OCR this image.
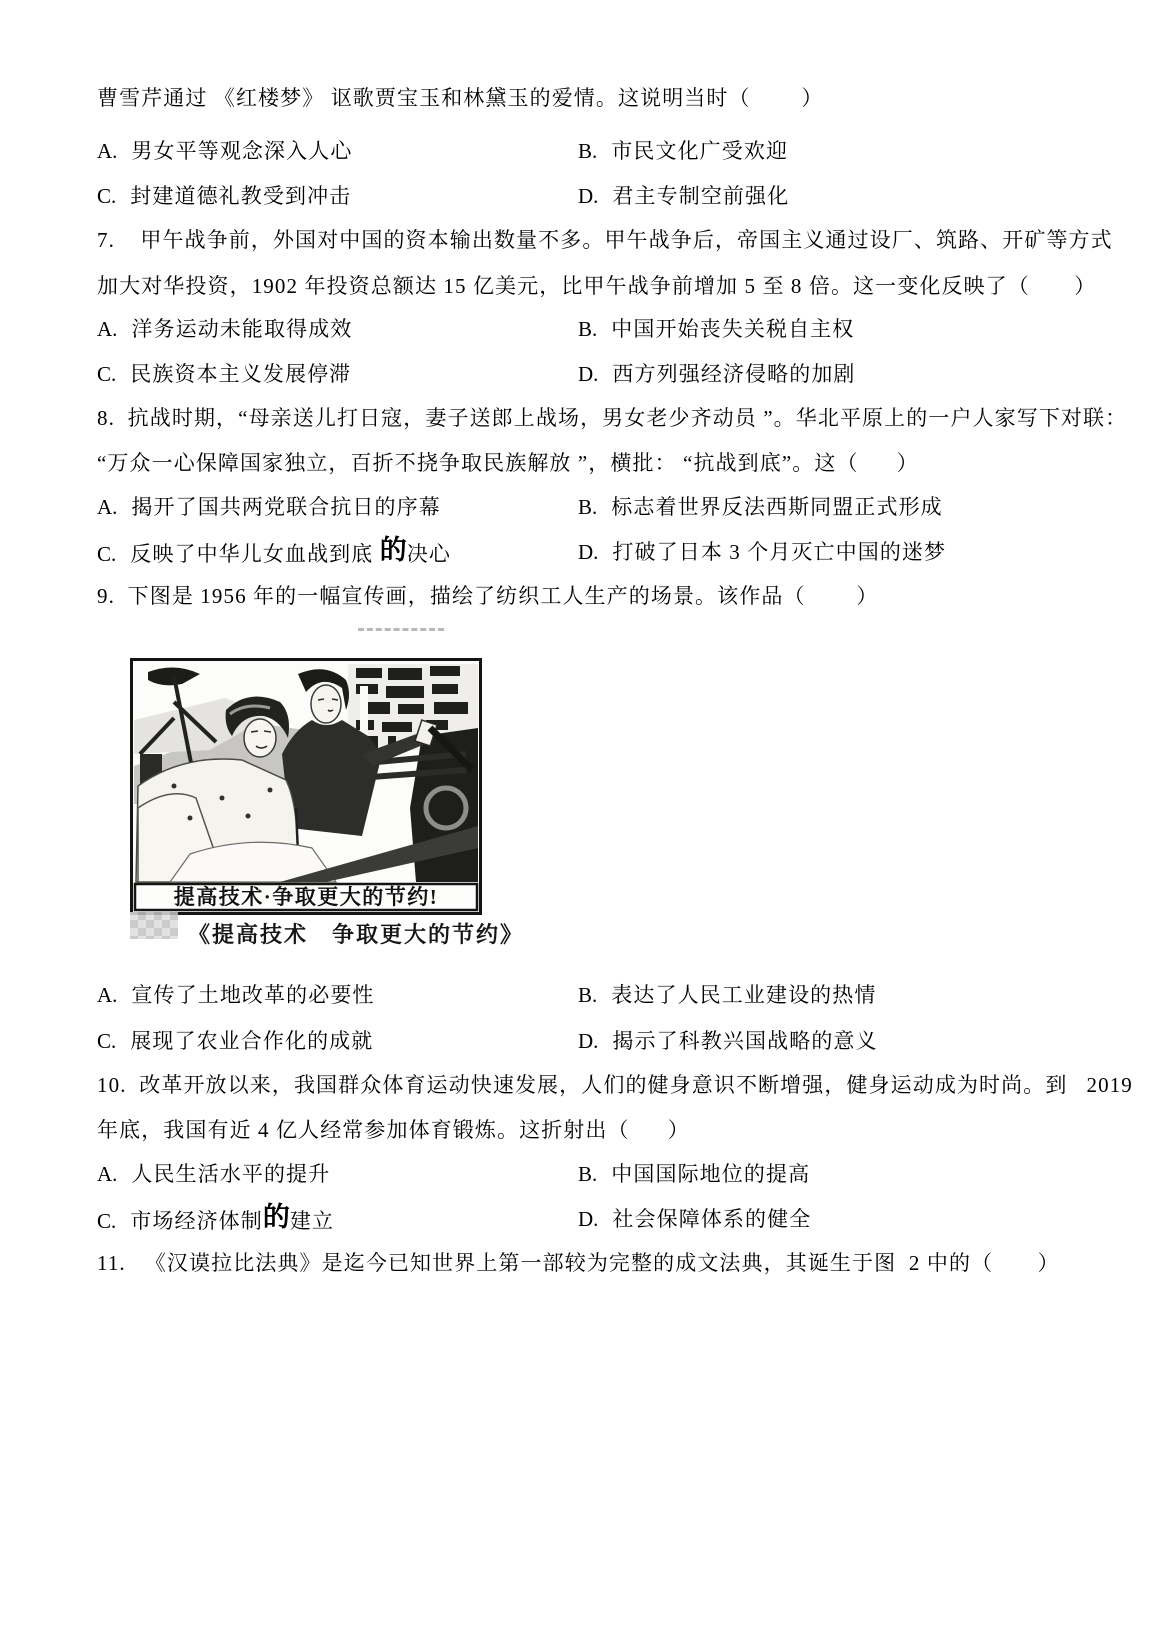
曹雪芹通过 《红楼梦》 讴歌贾宝玉和林黛玉的爱情。这说明当时（        ）
A. 男女平等观念深入人心	B. 市民文化广受欢迎
C. 封建道德礼教受到冲击	D. 君主专制空前强化
7.    甲午战争前，外国对中国的资本输出数量不多。甲午战争后，帝国主义通过设厂、筑路、开矿等方式
加大对华投资，1902 年投资总额达 15 亿美元，比甲午战争前增加 5 至 8 倍。这一变化反映了（       ）
A. 洋务运动未能取得成效	B. 中国开始丧失关税自主权
C. 民族资本主义发展停滞	D. 西方列强经济侵略的加剧
8.  抗战时期，“母亲送儿打日寇，妻子送郎上战场，男女老少齐动员 ”。华北平原上的一户人家写下对联：
“万众一心保障国家独立，百折不挠争取民族解放 ”，横批： “抗战到底”。这（      ）
A. 揭开了国共两党联合抗日的序幕	B. 标志着世界反法西斯同盟正式形成
C. 反映了中华儿女血战到底 的决心	D. 打破了日本 3 个月灭亡中国的迷梦
9.  下图是 1956 年的一幅宣传画，描绘了纺织工人生产的场景。该作品（        ）
提高技术·争取更大的节约!
《提高技术　争取更大的节约》
A. 宣传了土地改革的必要性	B. 表达了人民工业建设的热情
C. 展现了农业合作化的成就	D. 揭示了科教兴国战略的意义
10.  改革开放以来，我国群众体育运动快速发展，人们的健身意识不断增强，健身运动成为时尚。到   2019
年底，我国有近 4 亿人经常参加体育锻炼。这折射出（      ）
A. 人民生活水平的提升	B. 中国国际地位的提高
C. 市场经济体制的建立	D. 社会保障体系的健全
11.   《汉谟拉比法典》是迄今已知世界上第一部较为完整的成文法典，其诞生于图  2 中的（       ）
